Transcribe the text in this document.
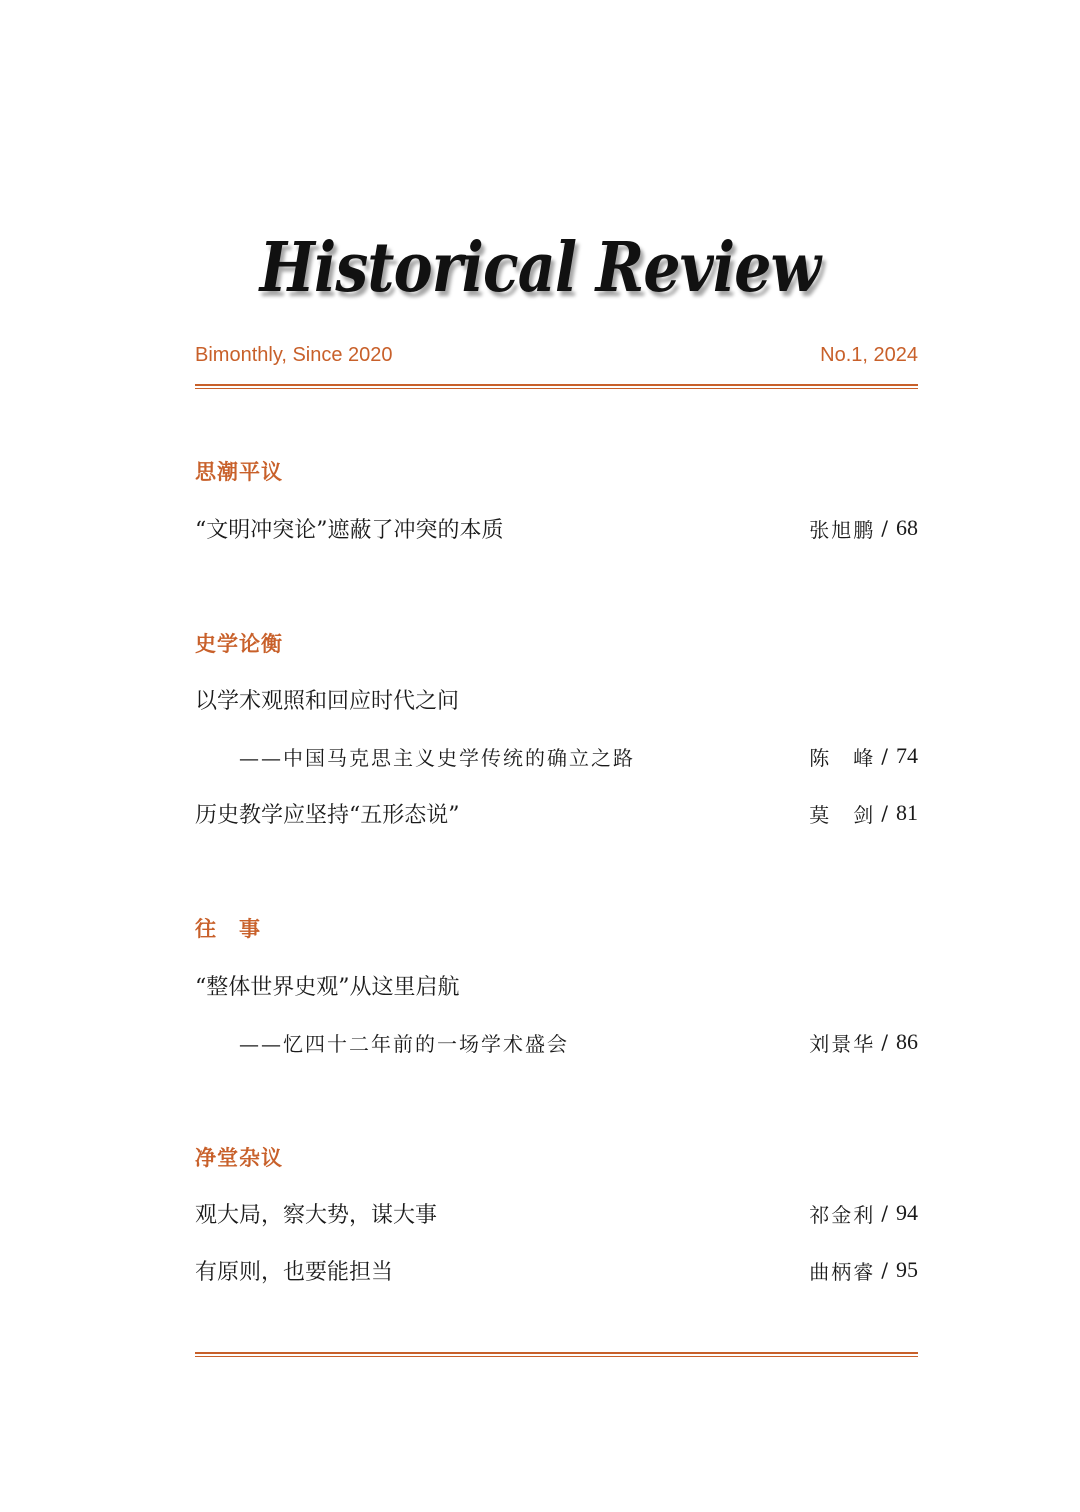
Historical Review
Bimonthly, Since 2020	No.1, 2024
思潮平议
“文明冲突论”遮蔽了冲突的本质	张旭鹏 / 68
史学论衡
以学术观照和回应时代之问
——中国马克思主义史学传统的确立之路	陈　峰 / 74
历史教学应坚持“五形态说”	莫　剑 / 81
往　事
“整体世界史观”从这里启航
——忆四十二年前的一场学术盛会	刘景华 / 86
净堂杂议
观大局，察大势，谋大事	祁金利 / 94
有原则，也要能担当	曲柄睿 / 95
